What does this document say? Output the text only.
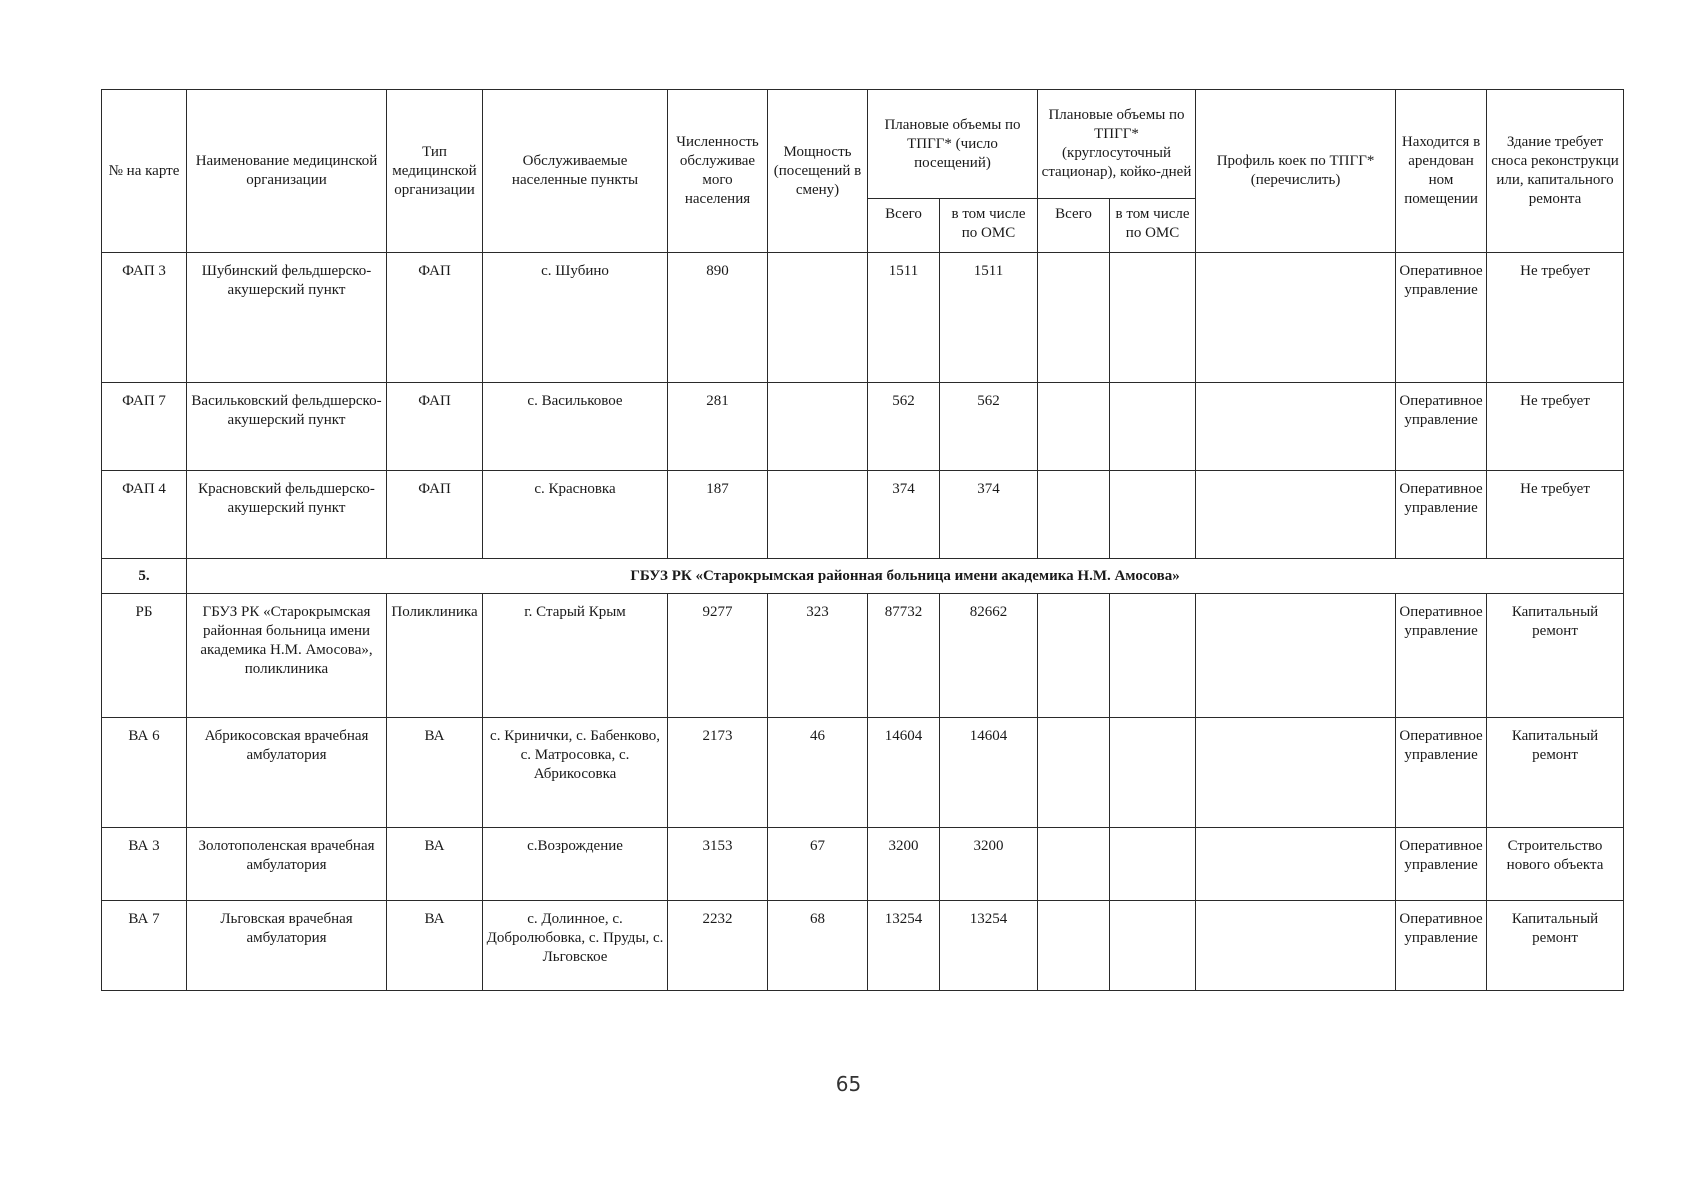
№ на карте	Наименование медицинской организации	Тип медицинской организации	Обслуживаемые населенные пункты	Численность обслуживае мого населения	Мощность (посещений в смену)	Плановые объемы по ТПГГ* (число посещений)		Плановые объемы по ТПГГ* (круглосуточный стационар), койко-дней		Профиль коек по ТПГГ* (перечислить)	Находится в арендован ном помещении	Здание требует сноса реконструкци или, капитального ремонта
						Всего	в том числе по ОМС	Всего	в том числе по ОМС			
ФАП 3	Шубинский фельдшерско-акушерский пункт	ФАП	с. Шубино	890		1511	1511				Оперативное управление	Не требует
ФАП 7	Васильковский фельдшерско-акушерский пункт	ФАП	с. Васильковое	281		562	562				Оперативное управление	Не требует
ФАП 4	Красновский фельдшерско-акушерский пункт	ФАП	с. Красновка	187		374	374				Оперативное управление	Не требует
5.	ГБУЗ РК «Старокрымская районная больница имени академика Н.М. Амосова»											
РБ	ГБУЗ РК «Старокрымская районная больница имени академика Н.М. Амосова», поликлиника	Поликлиника	г. Старый Крым	9277	323	87732	82662				Оперативное управление	Капитальный ремонт
ВА 6	Абрикосовская врачебная амбулатория	ВА	с. Кринички, с. Бабенково, с. Матросовка, с. Абрикосовка	2173	46	14604	14604				Оперативное управление	Капитальный ремонт
ВА 3	Золотополенская врачебная амбулатория	ВА	с.Возрождение	3153	67	3200	3200				Оперативное управление	Строительство нового объекта
ВА 7	Льговская врачебная амбулатория	ВА	с. Долинное, с. Добролюбовка, с. Пруды, с. Льговское	2232	68	13254	13254				Оперативное управление	Капитальный ремонт
65
